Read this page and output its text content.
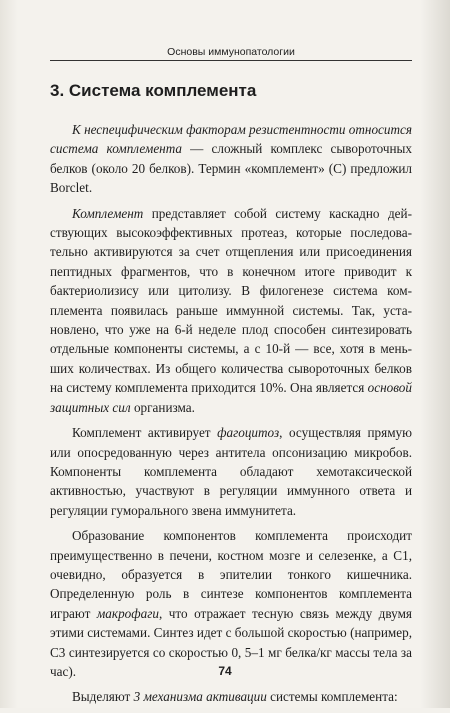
Основы иммунопатологии
3. Система комплемента

К неспецифическим факторам резистентности относится система комплемента — сложный комплекс сывороточных белков (около 20 белков). Термин «комплемент» (С) предложил Borclet.

Комплемент представляет собой систему каскадно действующих высокоэффективных протеаз, которые последовательно активируются за счет отщепления или присоединения пептидных фрагментов, что в конечном итоге приводит к бактериолизису или цитолизу. В филогенезе система комплемента появилась раньше иммунной системы. Так, установлено, что уже на 6-й неделе плод способен синтезировать отдельные компоненты системы, а с 10-й — все, хотя в меньших количествах. Из общего количества сывороточных белков на систему комплемента приходится 10%. Она является основой защитных сил организма.

Комплемент активирует фагоцитоз, осуществляя прямую или опосредованную через антитела опсонизацию микробов. Компоненты комплемента обладают хемотаксической активностью, участвуют в регуляции иммунного ответа и регуляции гуморального звена иммунитета.

Образование компонентов комплемента происходит преимущественно в печени, костном мозге и селезенке, а С1, очевидно, образуется в эпителии тонкого кишечника. Определенную роль в синтезе компонентов комплемента играют макрофаги, что отражает тесную связь между двумя этими системами. Синтез идет с большой скоростью (например, С3 синтезируется со скоростью 0, 5–1 мг белка/кг массы тела за час).

Выделяют 3 механизма активации системы комплемента:

74
